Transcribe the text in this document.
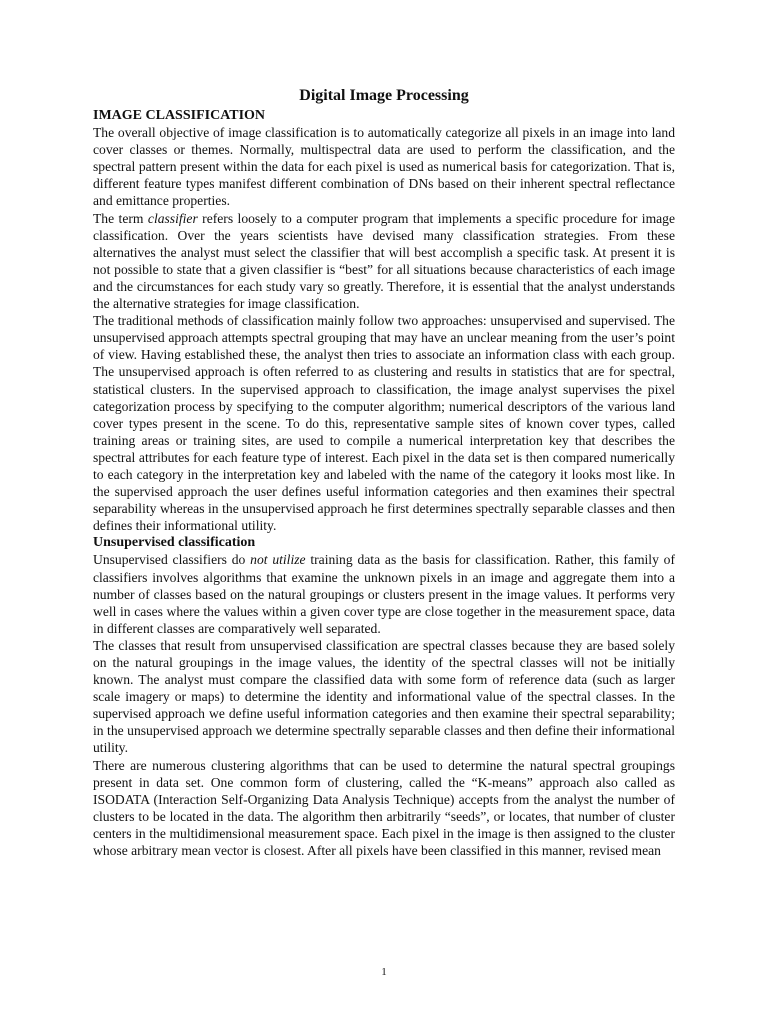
Digital Image Processing
IMAGE CLASSIFICATION

The overall objective of image classification is to automatically categorize all pixels in an image into land cover classes or themes. Normally, multispectral data are used to perform the classification, and the spectral pattern present within the data for each pixel is used as numerical basis for categorization. That is, different feature types manifest different combination of DNs based on their inherent spectral reflectance and emittance properties.

The term classifier refers loosely to a computer program that implements a specific procedure for image classification. Over the years scientists have devised many classification strategies. From these alternatives the analyst must select the classifier that will best accomplish a specific task. At present it is not possible to state that a given classifier is “best” for all situations because characteristics of each image and the circumstances for each study vary so greatly. Therefore, it is essential that the analyst understands the alternative strategies for image classification.

The traditional methods of classification mainly follow two approaches: unsupervised and supervised. The unsupervised approach attempts spectral grouping that may have an unclear meaning from the user’s point of view. Having established these, the analyst then tries to associate an information class with each group. The unsupervised approach is often referred to as clustering and results in statistics that are for spectral, statistical clusters. In the supervised approach to classification, the image analyst supervises the pixel categorization process by specifying to the computer algorithm; numerical descriptors of the various land cover types present in the scene. To do this, representative sample sites of known cover types, called training areas or training sites, are used to compile a numerical interpretation key that describes the spectral attributes for each feature type of interest. Each pixel in the data set is then compared numerically to each category in the interpretation key and labeled with the name of the category it looks most like. In the supervised approach the user defines useful information categories and then examines their spectral separability whereas in the unsupervised approach he first determines spectrally separable classes and then defines their informational utility.

Unsupervised classification

Unsupervised classifiers do not utilize training data as the basis for classification. Rather, this family of classifiers involves algorithms that examine the unknown pixels in an image and aggregate them into a number of classes based on the natural groupings or clusters present in the image values. It performs very well in cases where the values within a given cover type are close together in the measurement space, data in different classes are comparatively well separated.

The classes that result from unsupervised classification are spectral classes because they are based solely on the natural groupings in the image values, the identity of the spectral classes will not be initially known. The analyst must compare the classified data with some form of reference data (such as larger scale imagery or maps) to determine the identity and informational value of the spectral classes. In the supervised approach we define useful information categories and then examine their spectral separability; in the unsupervised approach we determine spectrally separable classes and then define their informational utility.

There are numerous clustering algorithms that can be used to determine the natural spectral groupings present in data set. One common form of clustering, called the “K-means” approach also called as ISODATA (Interaction Self-Organizing Data Analysis Technique) accepts from the analyst the number of clusters to be located in the data. The algorithm then arbitrarily “seeds”, or locates, that number of cluster centers in the multidimensional measurement space. Each pixel in the image is then assigned to the cluster whose arbitrary mean vector is closest. After all pixels have been classified in this manner, revised mean

1
